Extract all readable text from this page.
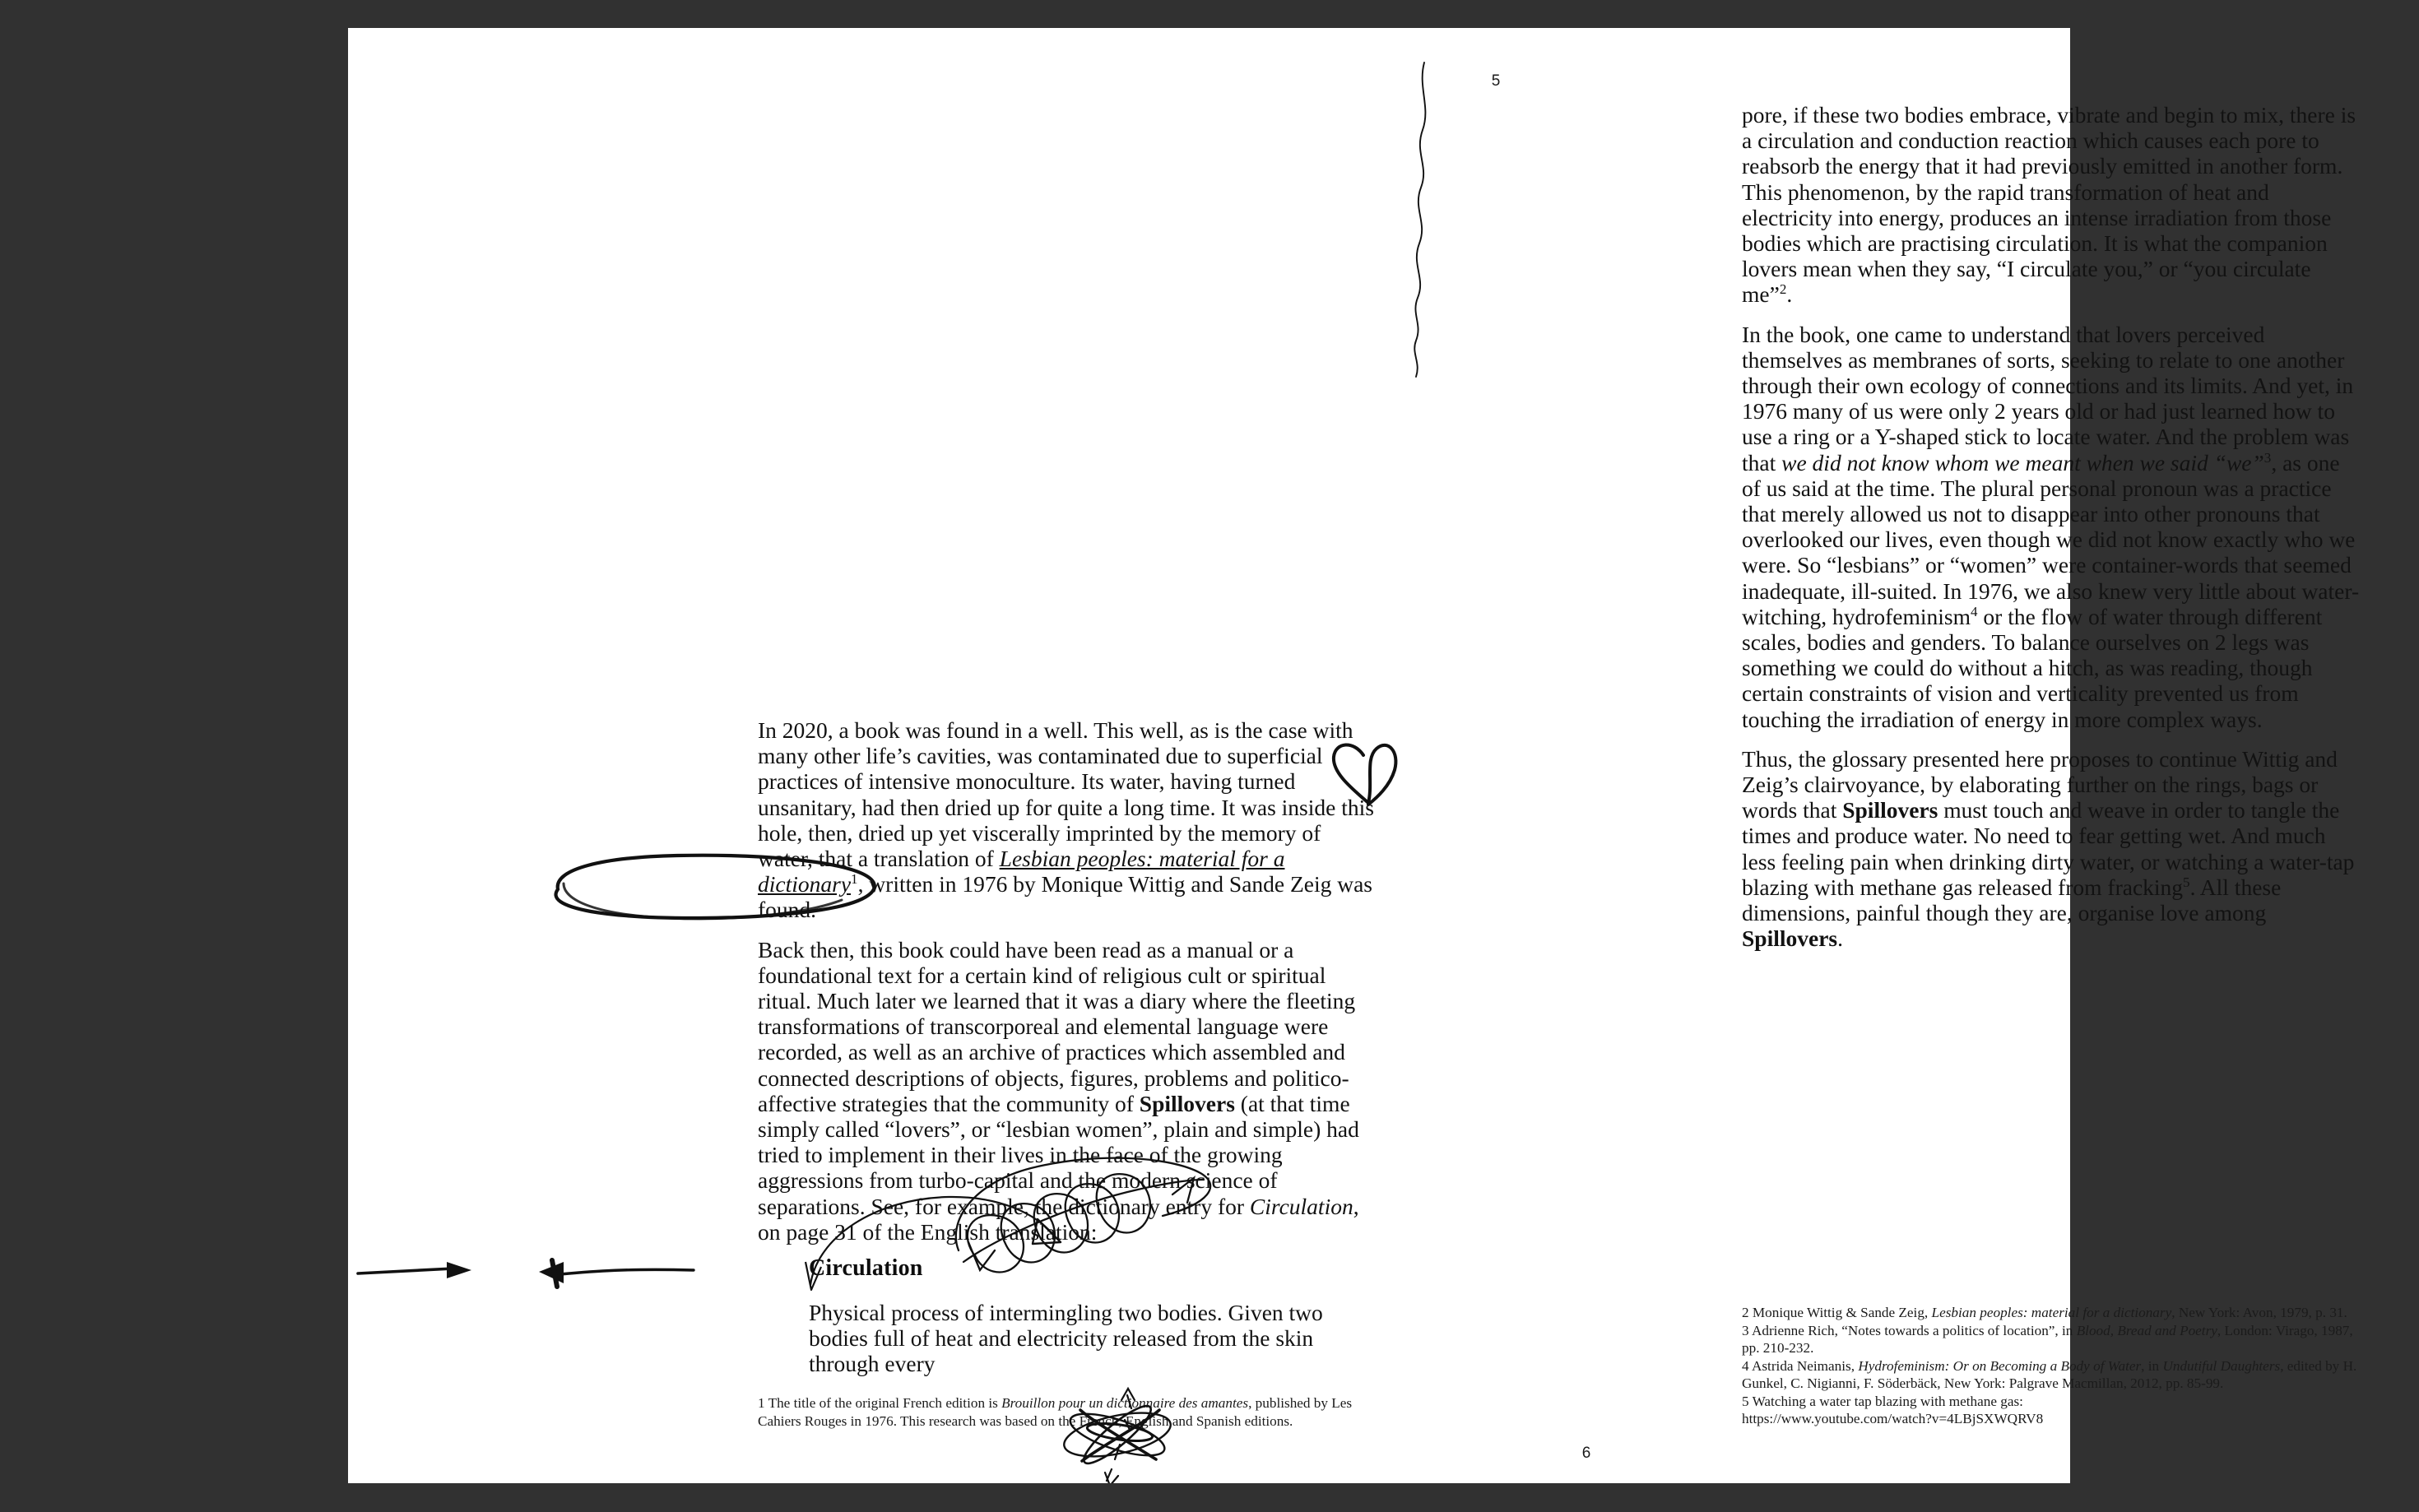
5
6

In 2020, a book was found in a well. This well, as is the case with many other life’s cavities, was contaminated due to superficial practices of intensive monoculture. Its water, having turned unsanitary, had then dried up for quite a long time. It was inside this hole, then, dried up yet viscerally imprinted by the memory of water, that a translation of Lesbian peoples: material for a dictionary$^1$, written in 1976 by Monique Wittig and Sande Zeig was found.

Back then, this book could have been read as a manual or a foundational text for a certain kind of religious cult or spiritual ritual. Much later we learned that it was a diary where the fleeting transformations of transcorporeal and elemental language were recorded, as well as an archive of practices which assembled and connected descriptions of objects, figures, problems and politico-affective strategies that the community of Spillovers (at that time simply called “lovers”, or “lesbian women”, plain and simple) had tried to implement in their lives in the face of the growing aggressions from turbo-capital and the modern science of separations. See, for example, the dictionary entry for Circulation, on page 31 of the English translation:

Circulation
Physical process of intermingling two bodies. Given two bodies full of heat and electricity released from the skin through every

1 The title of the original French edition is Brouillon pour un dictionnaire des amantes, published by Les Cahiers Rouges in 1976. This research was based on the French, English and Spanish editions.

pore, if these two bodies embrace, vibrate and begin to mix, there is a circulation and conduction reaction which causes each pore to reabsorb the energy that it had previously emitted in another form. This phenomenon, by the rapid transformation of heat and electricity into energy, produces an intense irradiation from those bodies which are practising circulation. It is what the companion lovers mean when they say, “I circulate you,” or “you circulate me”$^2$.

In the book, one came to understand that lovers perceived themselves as membranes of sorts, seeking to relate to one another through their own ecology of connections and its limits. And yet, in 1976 many of us were only 2 years old or had just learned how to use a ring or a Y-shaped stick to locate water. And the problem was that we did not know whom we meant when we said “we”$^3$, as one of us said at the time. The plural personal pronoun was a practice that merely allowed us not to disappear into other pronouns that overlooked our lives, even though we did not know exactly who we were. So “lesbians” or “women” were container-words that seemed inadequate, ill-suited. In 1976, we also knew very little about water-witching, hydrofeminism$^4$ or the flow of water through different scales, bodies and genders. To balance ourselves on 2 legs was something we could do without a hitch, as was reading, though certain constraints of vision and verticality prevented us from touching the irradiation of energy in more complex ways.

Thus, the glossary presented here proposes to continue Wittig and Zeig’s clairvoyance, by elaborating further on the rings, bags or words that Spillovers must touch and weave in order to tangle the times and produce water. No need to fear getting wet. And much less feeling pain when drinking dirty water, or watching a water-tap blazing with methane gas released from fracking$^5$. All these dimensions, painful though they are, organise love among Spillovers.

2 Monique Wittig & Sande Zeig, Lesbian peoples: material for a dictionary, New York: Avon, 1979, p. 31.

3 Adrienne Rich, “Notes towards a politics of location”, in Blood, Bread and Poetry, London: Virago, 1987, pp. 210-232.

4 Astrida Neimanis, Hydrofeminism: Or on Becoming a Body of Water, in Undutiful Daughters, edited by H. Gunkel, C. Nigianni, F. Söderbäck, New York: Palgrave Macmillan, 2012, pp. 85-99.

5 Watching a water tap blazing with methane gas:

https://www.youtube.com/watch?v=4LBjSXWQRV8
